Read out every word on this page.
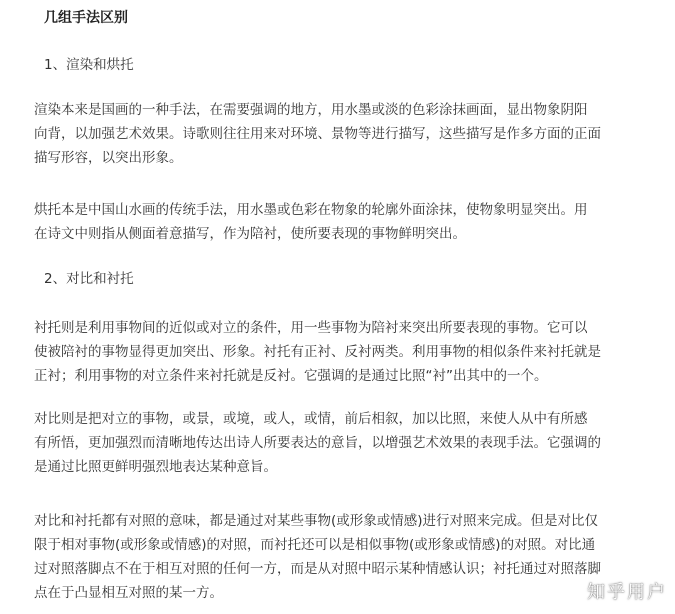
几组手法区别
1、渲染和烘托
渲染本来是国画的一种手法，在需要强调的地方，用水墨或淡的色彩涂抹画面，显出物象阴阳
向背，以加强艺术效果。诗歌则往往用来对环境、景物等进行描写，这些描写是作多方面的正面
描写形容，以突出形象。
烘托本是中国山水画的传统手法，用水墨或色彩在物象的轮廓外面涂抹，使物象明显突出。用
在诗文中则指从侧面着意描写，作为陪衬，使所要表现的事物鲜明突出。
2、对比和衬托
衬托则是利用事物间的近似或对立的条件，用一些事物为陪衬来突出所要表现的事物。它可以
使被陪衬的事物显得更加突出、形象。衬托有正衬、反衬两类。利用事物的相似条件来衬托就是
正衬；利用事物的对立条件来衬托就是反衬。它强调的是通过比照“衬”出其中的一个。
对比则是把对立的事物，或景，或境，或人，或情，前后相叙，加以比照，来使人从中有所感
有所悟，更加强烈而清晰地传达出诗人所要表达的意旨，以增强艺术效果的表现手法。它强调的
是通过比照更鲜明强烈地表达某种意旨。
对比和衬托都有对照的意味，都是通过对某些事物(或形象或情感)进行对照来完成。但是对比仅
限于相对事物(或形象或情感)的对照，而衬托还可以是相似事物(或形象或情感)的对照。对比通
过对照落脚点不在于相互对照的任何一方，而是从对照中昭示某种情感认识；衬托通过对照落脚
点在于凸显相互对照的某一方。	知乎用户
